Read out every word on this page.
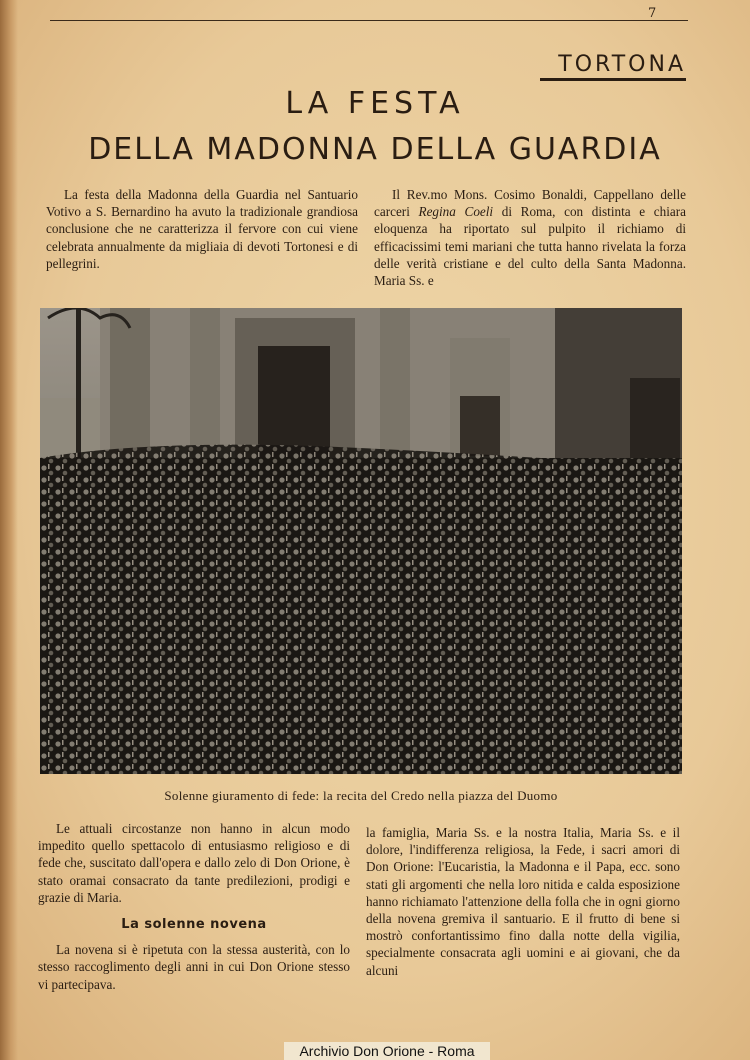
7
TORTONA
LA FESTA
DELLA MADONNA DELLA GUARDIA

La festa della Madonna della Guardia nel Santuario Votivo a S. Bernardino ha avuto la tradizionale grandiosa conclusione che ne caratterizza il fervore con cui viene celebrata annualmente da migliaia di devoti Tortonesi e di pellegrini.

Il Rev.mo Mons. Cosimo Bonaldi, Cappellano delle carceri Regina Coeli di Roma, con distinta e chiara eloquenza ha riportato sul pulpito il richiamo di efficacissimi temi mariani che tutta hanno rivelata la forza delle verità cristiane e del culto della Santa Madonna. Maria Ss. e

Solenne giuramento di fede: la recita del Credo nella piazza del Duomo

Le attuali circostanze non hanno in alcun modo impedito quello spettacolo di entusiasmo religioso e di fede che, suscitato dall'opera e dallo zelo di Don Orione, è stato oramai consacrato da tante predilezioni, prodigi e grazie di Maria.

La solenne novena

La novena si è ripetuta con la stessa austerità, con lo stesso raccoglimento degli anni in cui Don Orione stesso vi partecipava.

la famiglia, Maria Ss. e la nostra Italia, Maria Ss. e il dolore, l'indifferenza religiosa, la Fede, i sacri amori di Don Orione: l'Eucaristia, la Madonna e il Papa, ecc. sono stati gli argomenti che nella loro nitida e calda esposizione hanno richiamato l'attenzione della folla che in ogni giorno della novena gremiva il santuario. E il frutto di bene si mostrò confortantissimo fino dalla notte della vigilia, specialmente consacrata agli uomini e ai giovani, che da alcuni

Archivio Don Orione - Roma
